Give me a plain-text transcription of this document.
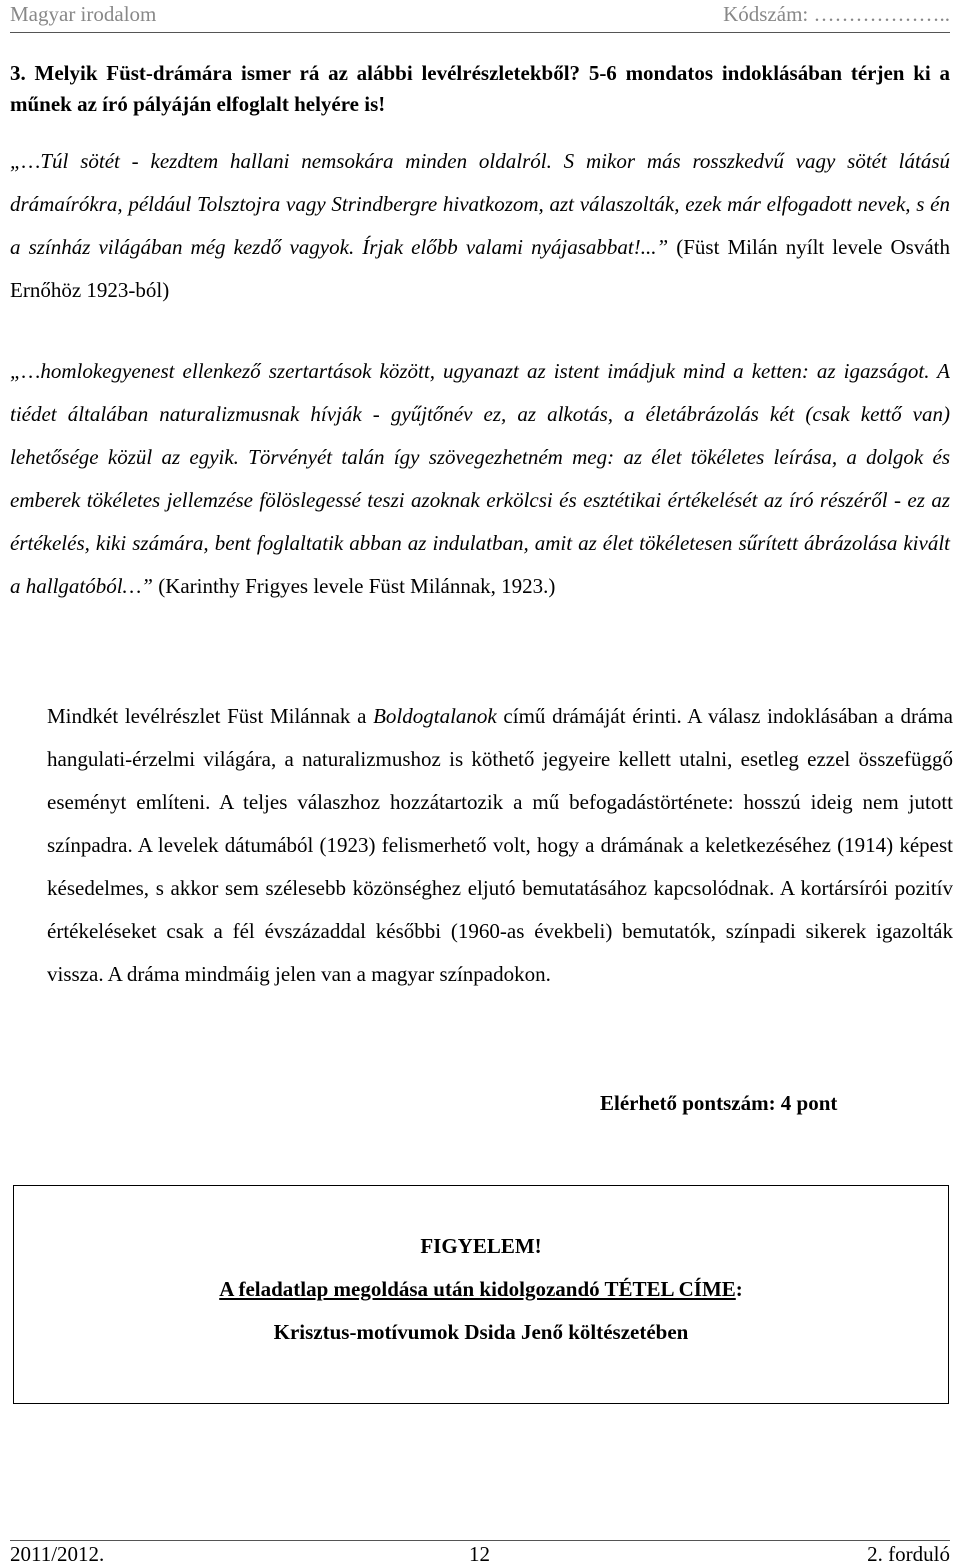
Magyar irodalom	Kódszám: ………………..
3. Melyik Füst-drámára ismer rá az alábbi levélrészletekből? 5-6 mondatos indoklásában térjen ki a műnek az író pályáján elfoglalt helyére is!
„…Túl sötét - kezdtem hallani nemsokára minden oldalról. S mikor más rosszkedvű vagy sötét látású drámaírókra, például Tolsztojra vagy Strindbergre hivatkozom, azt válaszolták, ezek már elfogadott nevek, s én a színház világában még kezdő vagyok. Írjak előbb valami nyájasabbat!...” (Füst Milán nyílt levele Osváth Ernőhöz 1923-ból)
„…homlokegyenest ellenkező szertartások között, ugyanazt az istent imádjuk mind a ketten: az igazságot. A tiédet általában naturalizmusnak hívják - gyűjtőnév ez, az alkotás, a életábrázolás két (csak kettő van) lehetősége közül az egyik. Törvényét talán így szövegezhetném meg: az élet tökéletes leírása, a dolgok és emberek tökéletes jellemzése fölöslegessé teszi azoknak erkölcsi és esztétikai értékelését az író részéről - ez az értékelés, kiki számára, bent foglaltatik abban az indulatban, amit az élet tökéletesen sűrített ábrázolása kivált a hallgatóból…” (Karinthy Frigyes levele Füst Milánnak, 1923.)
Mindkét levélrészlet Füst Milánnak a Boldogtalanok című drámáját érinti. A válasz indoklásában a dráma hangulati-érzelmi világára, a naturalizmushoz is köthető jegyeire kellett utalni, esetleg ezzel összefüggő eseményt említeni. A teljes válaszhoz hozzátartozik a mű befogadástörténete: hosszú ideig nem jutott színpadra. A levelek dátumából (1923) felismerhető volt, hogy a drámának a keletkezéséhez (1914) képest késedelmes, s akkor sem szélesebb közönséghez eljutó bemutatásához kapcsolódnak. A kortársírói pozitív értékeléseket csak a fél évszázaddal későbbi (1960-as évekbeli) bemutatók, színpadi sikerek igazolták vissza. A dráma mindmáig jelen van a magyar színpadokon.
Elérhető pontszám: 4 pont
FIGYELEM!
A feladatlap megoldása után kidolgozandó TÉTEL CÍME:
Krisztus-motívumok Dsida Jenő költészetében
2011/2012.	12	2. forduló
